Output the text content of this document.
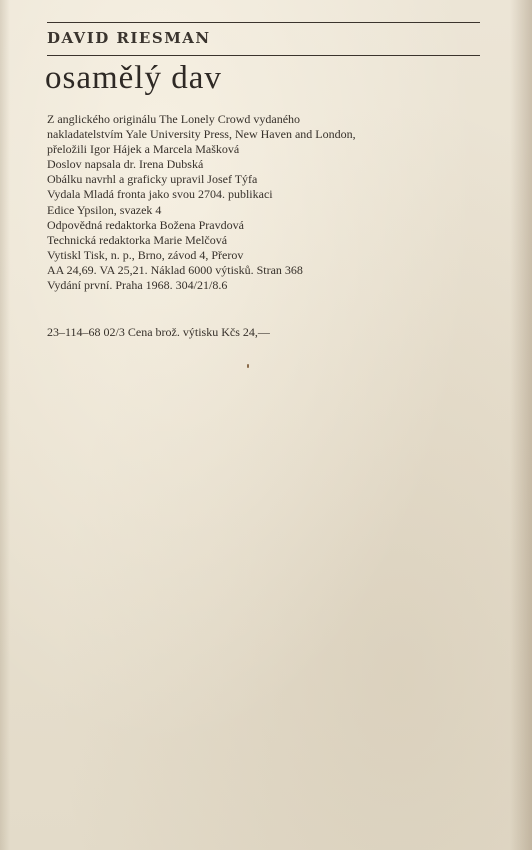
DAVID RIESMAN
osamělý dav
Z anglického originálu The Lonely Crowd vydaného
nakladatelstvím Yale University Press, New Haven and London,
přeložili Igor Hájek a Marcela Mašková
Doslov napsala dr. Irena Dubská
Obálku navrhl a graficky upravil Josef Týfa
Vydala Mladá fronta jako svou 2704. publikaci
Edice Ypsilon, svazek 4
Odpovědná redaktorka Božena Pravdová
Technická redaktorka Marie Melčová
Vytiskl Tisk, n. p., Brno, závod 4, Přerov
AA 24,69. VA 25,21. Náklad 6000 výtisků. Stran 368
Vydání první. Praha 1968. 304/21/8.6
23–114–68 02/3 Cena brož. výtisku Kčs 24,—
